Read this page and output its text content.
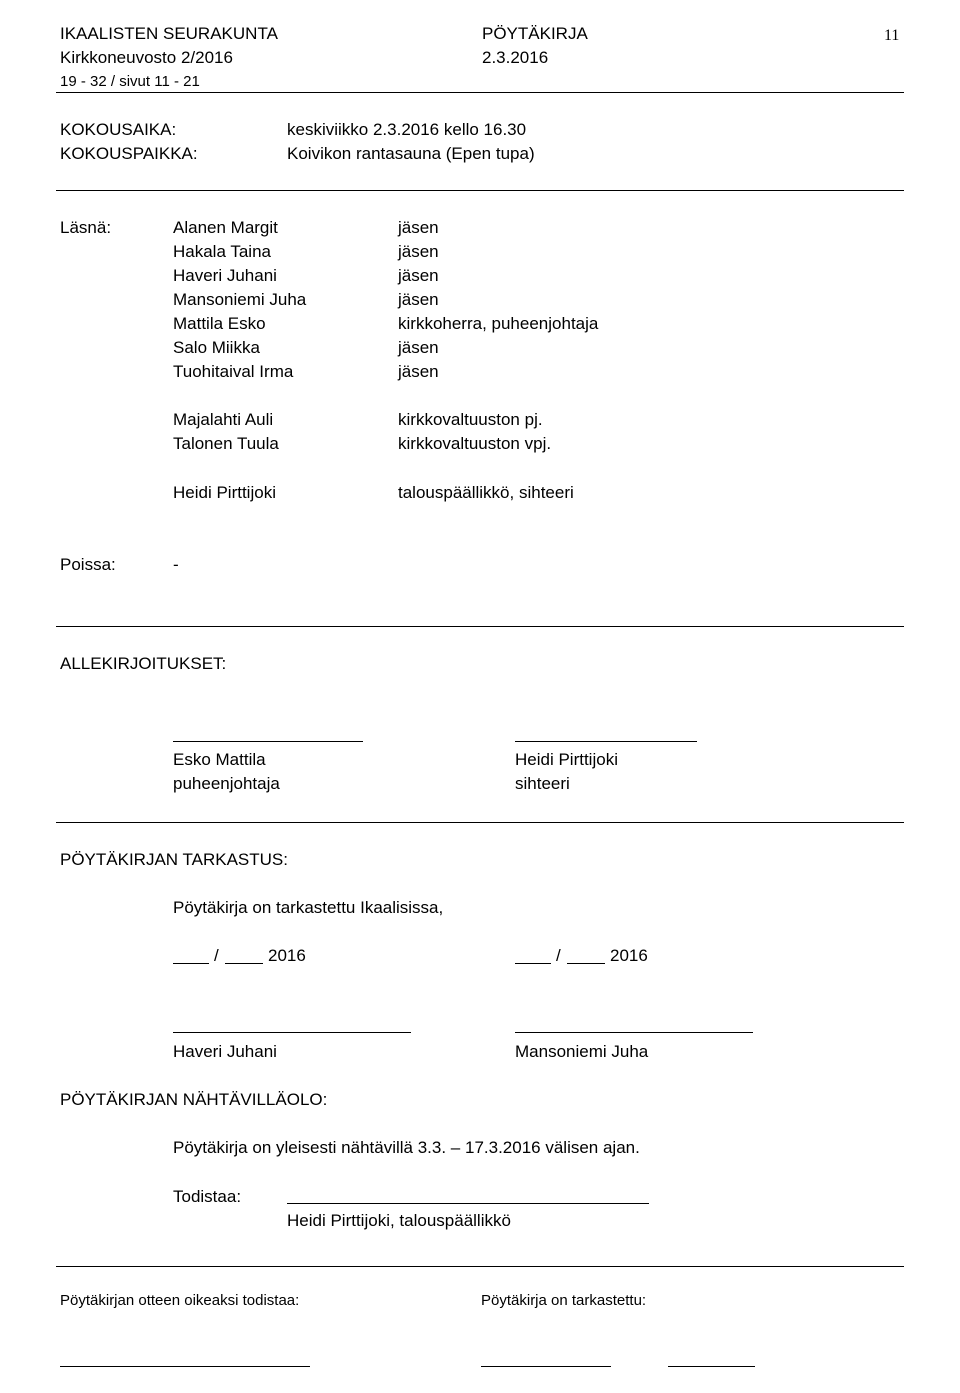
IKAALISTEN SEURAKUNTA	PÖYTÄKIRJA	11
Kirkkoneuvosto 2/2016	2.3.2016
19 - 32 / sivut 11 - 21
KOKOUSAIKA:	keskiviikko 2.3.2016 kello 16.30
KOKOUSPAIKKA:	Koivikon rantasauna (Epen tupa)
Läsnä:	Alanen Margit	jäsen
Hakala Taina	jäsen
Haveri Juhani	jäsen
Mansoniemi Juha	jäsen
Mattila Esko	kirkkoherra, puheenjohtaja
Salo Miikka	jäsen
Tuohitaival Irma	jäsen
Majalahti Auli	kirkkovaltuuston pj.
Talonen Tuula	kirkkovaltuuston vpj.
Heidi Pirttijoki	talouspäällikkö, sihteeri
Poissa:	-
ALLEKIRJOITUKSET:
Esko Mattila	Heidi Pirttijoki
puheenjohtaja	sihteeri
PÖYTÄKIRJAN TARKASTUS:
Pöytäkirja on tarkastettu Ikaalisissa,
/	2016	/	2016
Haveri Juhani	Mansoniemi Juha
PÖYTÄKIRJAN NÄHTÄVILLÄOLO:
Pöytäkirja on yleisesti nähtävillä 3.3. – 17.3.2016 välisen ajan.
Todistaa:
Heidi Pirttijoki, talouspäällikkö
Pöytäkirjan otteen oikeaksi todistaa:	Pöytäkirja on tarkastettu:
